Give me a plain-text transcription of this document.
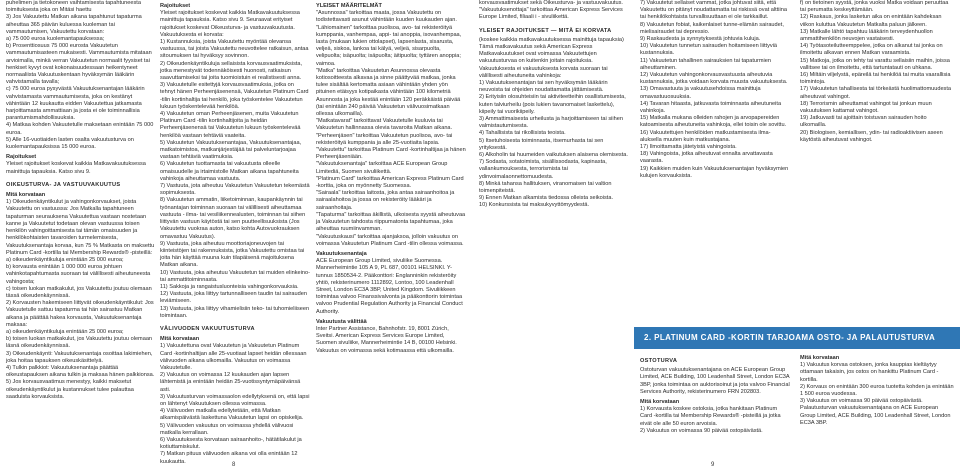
puhelimen ja tietokoneen vaihtamisesta tapahtuneesta toimituksesta joka on Mitäsi haettu

3) Jos Vakuutettu Matkan aikana tapahtunut tapaturma aiheuttaa 365 päivän kuluessa kuoleman tai vammautumisen, Vakuutettu korvataan:

a) 75 000 euroa kuolemantapauksessa;

b) Prosenttiosuus 75 000 eurosta Vakuutetun vammautumisasteen mukaisesti. Vammautumista mitataan arvioimalla, minkä verran Vakuutetun normaalit fyysiset tai henkiset kyvyt ovat kokonaisuudessaan heikentyneet normaaliista Vakuutuskentaan hyväksymän lääkärin vahvistamalla tavalla;

c) 75 000 euroa pysyvästä Vakuutuksenantajan lääkärin vahvistamasta vammautumisesta, joka on kestänyt vähintään 12 kuukautta eidden Vakuutettua jatkamasta harjoittamasta ammattiaan ja josta ei ole toiminnallisia parantumismahdollisuuksia.

4) Matkaa kohden Vakuutetulle maksetaan enintään 75 000 euroa.

5) Alle 16-vuotiaiden lasten osalta vakuutusturva on kuolemantapauksissa 15 000 euroa.

Rajoitukset

Yleiset rajoitukset koskevat kaikkia Matkavakuutuksessa mainittuja tapauksia. Katso sivu 9.

OIKEUSTURVA- JA VASTUUVAKUUTUS

Mitä korvataan

1) Oikeudenkäyntikulut ja vahingonkorvaukset, joista Vakuutettu on vastuussa: Jos Matkalla tapahtuneen tapaturman seurauksena Vakuutettua vastaan nostetaan kanne ja Vakuutetut todetaan olevan vastuussa toisen henkilön vahingoittamisesta tai tämän omaisuuden ja henkilökohtaisten tavaroiden turmelemisesta, Vakuutuksenantaja korvaa, kun 75 % Matkasta on maksettu Platinum Card -kortilla tai Membership Rewards® -pisteillä:

a) oikeudenkäyntikuluja enintään 25 000 euroa;

b) korvausta enintään 1 000 000 euroa johtuen vahinkotapahtumasta suoraan tai välillisesti aiheutuneesta vahingosta;

c) toisen luokan matkakulut, jos Vakuutettu joutuu olemaan tässä oikeudenkäynnissä.

2) Korvausten hakemiseen liittyvät oikeudenkäyntikulut: Jos Vakuutetulle sattuu tapaturma tai hän sairastuu Matkan aikana ja päättää hakea korvausta, Vakuutuksenantaja maksaa:

a) oikeudenkäyntikuluja enintään 25 000 euroa;

b) toisen luokan matkakulut, jos Vakuutettu joutuu olemaan läsnä oikeudenkäynnissä.

3) Oikeudenkäynti: Vakuutuksenantaja osoittaa lakimiehen, joka hoitaa tapauksen oikeuskäsittelyä.

4) Tulkin palkkiot: Vakuutuksenantaja päättää oikeustapauksen aikana tulkin ja maksaa hänen palkkionsa.

5) Jos korvausvaatimus menestyy, kaikki maksetut oikeudenkäyntikulut ja kustannukset tulee palauttaa saaduista korvauksista.

Rajoitukset

Yleiset rajoitukset koskevat kaikkia Matkavakuutuksessa mainittuja tapauksia. Katso sivu 9. Seuraavat erityiset rajoitukset koskevat Oikeusturva- ja vastuuvakuutusta. Vakuutuksesta ei korvata:

1) Kustannuksia, joista Vakuutettu myöntää olevansa vastuussa, tai joista Vakuutettu neuvottelee ratkaisun, antaa sitoumuksen tai hyväksyy sovinnon.

2) Oikeudenkäyntikuluja sellaisista korvausvaatimuksista, jotka menestyvät todennäköisesti huonosti, ratkaisun saavuttamiseksi tai joita tuomioistuin ei realistisesti anna.

3) Vakuutetulle esitettyjä korvausvaatimuksia, jotka on tehnyt hänen Perheenjäsenensä, Vakuutetun Platinum Card -tilin kortinhaltija tai henkilö, joka työskentelee Vakuutetun lukuun työskentelevää henkilöä.

4) Vakuutetun oman Perheenjäsenen, muita Vakuutetun Platinum Card -tilin kortinhaltijoita ja heidän Perheenjäsenensä tai Vakuutetun lukuun työskentelevää henkilöä vastaan tehtäviä vaateita.

5) Vakuutetun Vakuutuksenantajaa, Vakuutuksenantajaa, matkatoimistoa, matkanjärjestäjää tai palveluntarjoajaa vastaan tehtäviä vaatimuksia.

6) Vakuutetun tuottamasta tai vakuutusta olleelle omaisuudelle ja irtaimistolle Matkan aikana tapahtuneita vahinkoja aiheuttamaa vastuuta.

7) Vastuuta, jota aiheutuu Vakuutetun Vakuutetun tekemästä sopimuksesta.

8) Vakuutetun ammatin, liiketoiminnan, kaupankäynnin tai työnantajan toiminnan suoraan tai välillisesti aiheuttamaa vastuuta - ilma- tai vesiliikennealusten, toiminnan tai siihen liittyvän vastuun käytöstä tai sen puutteellisuuksista (Jos Vakuutettu vuokraa auton, katso kohta Autovuokrauksen omavastuu Vakuutus).

9) Vastuuta, joka aiheutuu moottoriajoneuvojen tai kiinteistöjen tai rakennuksista, jotka Vakuutettu omistaa tai joita hän käyttää muuna kuin tilapäisenä majoituksena Matkan aikana.

10) Vastuuta, joka aiheutuu Vakuutetun tai muiden elinkeino- tai ammattitoiminnasta.

11) Sakkoja ja rangaistusluonteisia vahingonkorvauksia.

12) Vastuuta, joka liittyy tartunnalliseen taudin tai sairauden leviämiseen.

13) Vastuuta, joka liittyy vihamielisiin teko- tai tuhomieliiseen toimintaan.

VÄLIVUODEN VAKUUTUSTURVA

Mitä korvataan

1) Vakuutettuna ovat Vakuutetun ja Vakuutetun Platinum Card -kortinhaltijan alle 25-vuotiaat lapset heidän ollessaan välivuoden aikana ulkomailla. Vakuutus on voimassa Vakuutetulle.

2) Vakuutus on voimassa 12 kuukauden ajan lapsen lähtemistä ja enintään heidän 25-vuotissyntymäpäivänsä asti.

3) Vakuutusturvan voimassaolon edellytyksenä on, että lapsi on lähtenyt Vakuutuksen ollessa voimassa.

4) Välivuoden matkalla edellytetään, että Matkan alkamispäivästä laskettuna Vakuutetun lapsi on opiskelija.

5) Välivuoden vakuutus on voimassa yhdellä välivuosi matkalla kerrallaan.

6) Vakuutuksesta korvataan sairaanhoito-, hätätilakulut ja kotiuttamiskulut.

7) Matkan pituus välivuoden aikana voi olla enintään 12 kuukautta.

YLEISET MÄÄRITELMÄT

"Asunnossa" tarkoittaa maata, jossa Vakuutettu on todistettavasti asunut vähintään kuuden kuukauden ajan.

"Lähiomainen" tarkoittaa puolisoa, avo- tai rekisteröityä kumppania, vanhempaa, appi- tai anoppia, isovanhempaa, lasta (mukaan lukien ottolapset), lapsenlasta, sisarusta, veljeä, siskoa, lankoa tai kälyä, veljeä, sisarpuolta, velipuolta; isäpuolta; isäpuolta; äitipuolta; tyttären anoppia; vaimoa.

"Matka" tarkoittaa Vakuutetun Asunnossa olevasta kotiosoitteesta alkavaa ja sinne päättyvää matkaa, jonka tulee sisältää kertomatta asiaan vähintään yhden yön pituinen etäisyys kotipaikasta vähintään 100 kilometriä Asunnosta ja joka kestää enintään 120 peräkkäistä päivää (tai enintään 240 päivää Vakuutetun välivuosimatkaan ollessa ulkomailla).

"Matkatavarat" tarkoittavat Vakuutetulle kuuluvia tai Vakuutetun hallinnassa olevia tavaroita Matkan aikana.

"Perheenjäsen" tarkoittaa Vakuutetun puolisoa, avo- tai rekisteröityä kumppania ja alle 25-vuotiaita lapsia.

"Vakuutettu" tarkoittaa Platinum Card -kortinhaltijaa ja hänen Perheenjäseniään.

"Vakuutuksenantaja" tarkoittaa ACE European Group Limitediä, Suomen sivuliikettä.

"Platinum Card" tarkoittaa American Express Platinum Card -korttia, joka on myönnetty Suomessa.

"Sairaala" tarkoittaa laitosta, joka antaa sairaanhoitoa ja sairaalahoitoa ja jossa on rekisteröity lääkäri ja sairaanhoitaja.

"Tapaturma" tarkoittaa äkillistä, ulkoisesta syystä aiheutuvaa ja Vakuutetun tahdosta riippumatonta tapahtumaa, joka aiheuttaa ruumiinvamman.

"Vakuutuskausi" tarkoittaa ajanjaksoa, jolloin vakuutus on voimassa Vakuutetun Platinum Card -tilin ollessa voimassa.

Vakuutuksenantaja

ACE European Group Limited, sivuliike Suomessa. Mannerheimintie 105 A 9, PL 687, 00101 HELSINKI. Y-tunnus 1850534-2. Pääkonttori: Englanninkin rekisteröity yhtiö, rekisterinumero 1112892, Lontoo, 100 Leadenhall Street, London EC3A 3BP, United Kingdom. Sivuliikkeen toimintaa valvoo Finanssivalvonta ja pääkonttorin toimintaa valvoo Prudential Regulation Authority ja Financial Conduct Authority.

Vakuutusta välittää

Inter Partner Assistance, Bahnhofstr. 19, 8001 Zürich, Sveitsi. American Express Services Europe Limited, Suomen sivuliike, Mannerheimintie 14 B, 00100 Helsinki.

Vakuutus on voimassa sekä kotimaassa että ulkomailla.

korvausvaatimukset sekä Oikeusturva- ja vastuuvakuutus.

"Vakuutuksenottaja" tarkoittaa American Express Services Europe Limited, filiaali i - sivuliikettä.

YLEISET RAJOITUKSET — MITÄ EI KORVATA

(koskee kaikkia matkavakuutuksessa mainittuja tapauksia)

Tämä matkavakuutus sekä American Express Matkavakuutukset ovat voimassa Vakuutettujen vakuutusturvaa on kuitenkin joitain rajoituksia. Vakuutuksesta ei vakuutuksesta korvata suoraan tai välillisesti aiheutuneita vahinkoja:

1) Vakuutuksenantajan tai sen hyväksymän lääkärin neuvoista tai ohjeiden noudattamatta jättämisestä.

2) Erityisiin olosuhteisiin tai aktiviteetteihin osallistumisesta, kuten talviurheilu (pois lukien tavanomaiset laskettelu), kiipeily tai vuorikiipeily.

3) Ammattimaisesta urheilusta ja harjoittamiseen tai siihen valmistautumisesta.

4) Tahallisista tai rikollisista teoista.

5) Itsetuhoisesta toiminnasta, itsemurhasta tai sen yrityksestä.

6) Alkoholin tai huumeiden vaikutuksen alaisena olemisesta.

7) Sodasta, sotatoimista, sisällissodasta, kapinasta, vallankumouksesta, terrorismista tai ydinvoimalaonnettomuudesta.

8) Minkä tahansa hallituksen, viranomaisen tai valtion toimenpiteistä.

9) Ennen Matkan alkamista tiedossa olleista seikoista.

10) Konkurssista tai maksukyvyttömyydestä.

7) Vakuutetut sellaiset vammat, jotka johtuvat siitä, että Vakuutettu on pitänyt noudattamatta tai riskissä ovat alttiina tai henkilökohtaista turvallisuuttaan ei ole tarkkaillut.

8) Vakuutetun fobiat, kaikenlaiset tunne-elämän sairaudet, mielisairaudet tai depressio.

9) Raskaudesta ja synnytyksestä johtuvia kuluja.

10) Vakuutetun tunnetun sairauden hoitamiseen liittyviä kustannuksia.

11) Vakuutetun tahallinen sairauksien tai tapaturmien aiheuttaminen.

12) Vakuutetun vahingonkorvausvastuusta aiheutuvia kustannuksia, jotka voidaan korvata muusta vakuutuksesta.

13) Omavastuuta ja vakuutusehdoissa mainittuja omavastuuosuuksia.

14) Tavaran hitaasta, jatkuvasta toiminnasta aiheutuneita vahinkoja.

15) Matkalla mukana olleiden rahojen ja arvopapereiden katoamisesta aiheutuneita vahinkoja, ellei toisin ole sovittu.

16) Vakuutettujen henkilöiden matkustamisesta ilma-aluksella muuten kuin matkustajana.

17) Ilmoittamatta jätetyistä vahingoista.

18) Vahingoista, jotka aiheutuvat ennalta arvattavasta vaarasta.

19) Kaikkien muiden kuin Vakuutuksenantajan hyväksymien kulujen korvauksista.

f) on tietoinen syystä, jonka vuoksi Matka voidaan peruuttaa tai perumatta keskeyttämään.

12) Raskaus, jonka lasketun aika on enintään kahdeksan viikon kuluttua Vakuutetun Matkalta paluun jälkeen.

13) Matkalle lähtö tapahtuu lääkärin terveydenhuollon ammattihenkilön neuvojen vastaisesti.

14) Työtasoteilutteemppelee, jotka on alkanut tai jonka on ilmoitettu alkavan ennen Matkan varaamista.

15) Matkoja, jotka on tehty tai varattu sellaisiin maihin, joissa vallitsee tai on ilmoitettu, että tartuntatauti on uhkana.

16) Miltäin viljelystä, epäreilä tai henkilöä tai muita vaarallisia toimintoja.

17) Vakuutetun tahallisesta tai törkeästä huolimattomuudesta aiheutuvat vahingot.

18) Terrorismin aiheuttamat vahingot tai jonkun muun vakuutuksen kattamat vahingot.

19) Jatkuvasti tai ajoittain toistuvan sairauden hoito ulkomailla.

20) Biologisen, kemiallisen, ydin- tai radioaktiivisen aseen käytöstä aiheutuvat vahingot.

2. PLATINUM CARD -KORTIN TARJOAMA OSTO- JA PALAUTUSTURVA

OSTOTURVA

Ostoturvan vakuutuksenantajana on ACE European Group Limited, ACE Building, 100 Leadenhall Street, London EC3A 3BP, jonka toimintaa on auktorisoinut ja jota valvoo Financial Services Authority, rekisterinumero FRN 202803.

Mitä korvataan

1) Korvausta koskee ostoksia, jotka hankitaan Platinum Card -kortilla tai Membership Rewards® -pisteillä ja jotka eivät ole alle 50 euron arvoisia.

2) Vakuutus on voimassa 90 päivää ostopäivästä.

Mitä korvataan

1) Vakuutus korvaa ostoksen, jonka kauppias kieltäytyy ottamaan takaisin, jos ostos on hankittu Platinum Card -kortilla.

2) Korvaus on enintään 300 euroa tuotetta kohden ja enintään 1 500 euroa vuodessa.

3) Vakuutus on voimassa 90 päivää ostopäivästä.

Palautusturvan vakuutuksenantajana on ACE European Group Limited, ACE Building, 100 Leadenhall Street, London EC3A 3BP.

8	9
